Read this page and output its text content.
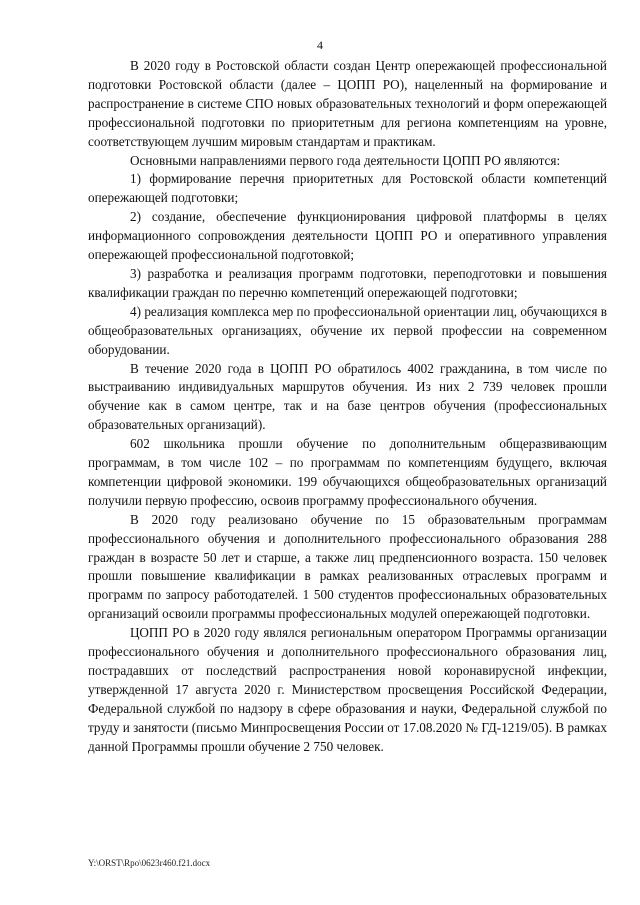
4

В 2020 году в Ростовской области создан Центр опережающей профессиональной подготовки Ростовской области (далее – ЦОПП РО), нацеленный на формирование и распространение в системе СПО новых образовательных технологий и форм опережающей профессиональной подготовки по приоритетным для региона компетенциям на уровне, соответствующем лучшим мировым стандартам и практикам.

Основными направлениями первого года деятельности ЦОПП РО являются:

1) формирование перечня приоритетных для Ростовской области компетенций опережающей подготовки;

2) создание, обеспечение функционирования цифровой платформы в целях информационного сопровождения деятельности ЦОПП РО и оперативного управления опережающей профессиональной подготовкой;

3) разработка и реализация программ подготовки, переподготовки и повышения квалификации граждан по перечню компетенций опережающей подготовки;

4) реализация комплекса мер по профессиональной ориентации лиц, обучающихся в общеобразовательных организациях, обучение их первой профессии на современном оборудовании.

В течение 2020 года в ЦОПП РО обратилось 4002 гражданина, в том числе по выстраиванию индивидуальных маршрутов обучения. Из них 2 739 человек прошли обучение как в самом центре, так и на базе центров обучения (профессиональных образовательных организаций).

602 школьника прошли обучение по дополнительным общеразвивающим программам, в том числе 102 – по программам по компетенциям будущего, включая компетенции цифровой экономики. 199 обучающихся общеобразовательных организаций получили первую профессию, освоив программу профессионального обучения.

В 2020 году реализовано обучение по 15 образовательным программам профессионального обучения и дополнительного профессионального образования 288 граждан в возрасте 50 лет и старше, а также лиц предпенсионного возраста. 150 человек прошли повышение квалификации в рамках реализованных отраслевых программ и программ по запросу работодателей. 1 500 студентов профессиональных образовательных организаций освоили программы профессиональных модулей опережающей подготовки.

ЦОПП РО в 2020 году являлся региональным оператором Программы организации профессионального обучения и дополнительного профессионального образования лиц, пострадавших от последствий распространения новой коронавирусной инфекции, утвержденной 17 августа 2020 г. Министерством просвещения Российской Федерации, Федеральной службой по надзору в сфере образования и науки, Федеральной службой по труду и занятости (письмо Минпросвещения России от 17.08.2020 № ГД-1219/05). В рамках данной Программы прошли обучение 2 750 человек.

Y:\ORST\Rpo\0623r460.f21.docx
